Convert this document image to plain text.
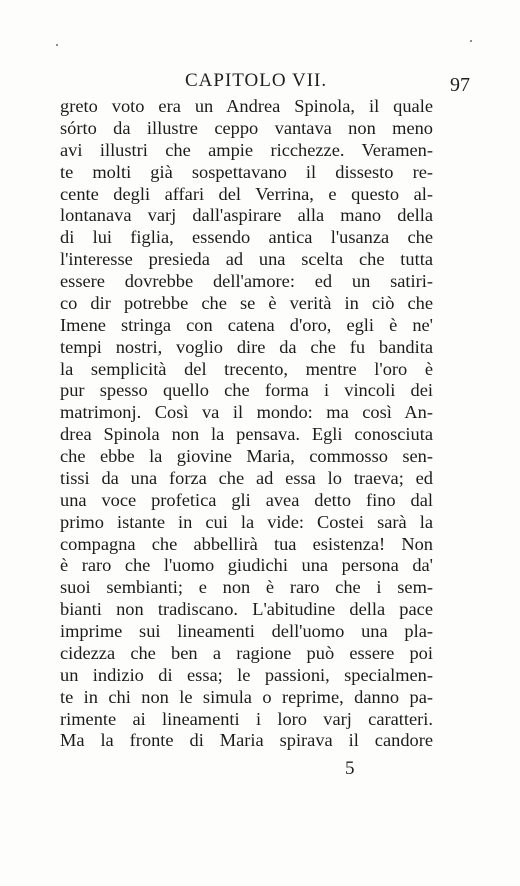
CAPITOLO VII.	97
greto voto era un Andrea Spinola, il quale
sórto da illustre ceppo vantava non meno
avi illustri che ampie ricchezze. Veramen-
te molti già sospettavano il dissesto re-
cente degli affari del Verrina, e questo al-
lontanava varj dall'aspirare alla mano della
di lui figlia, essendo antica l'usanza che
l'interesse presieda ad una scelta che tutta
essere dovrebbe dell'amore: ed un satiri-
co dir potrebbe che se è verità in ciò che
Imene stringa con catena d'oro, egli è ne'
tempi nostri, voglio dire da che fu bandita
la semplicità del trecento, mentre l'oro è
pur spesso quello che forma i vincoli dei
matrimonj. Così va il mondo: ma così An-
drea Spinola non la pensava. Egli conosciuta
che ebbe la giovine Maria, commosso sen-
tissi da una forza che ad essa lo traeva; ed
una voce profetica gli avea detto fino dal
primo istante in cui la vide: Costei sarà la
compagna che abbellirà tua esistenza! Non
è raro che l'uomo giudichi una persona da'
suoi sembianti; e non è raro che i sem-
bianti non tradiscano. L'abitudine della pace
imprime sui lineamenti dell'uomo una pla-
cidezza che ben a ragione può essere poi
un indizio di essa; le passioni, specialmen-
te in chi non le simula o reprime, danno pa-
rimente ai lineamenti i loro varj caratteri.
Ma la fronte di Maria spirava il candore
5
